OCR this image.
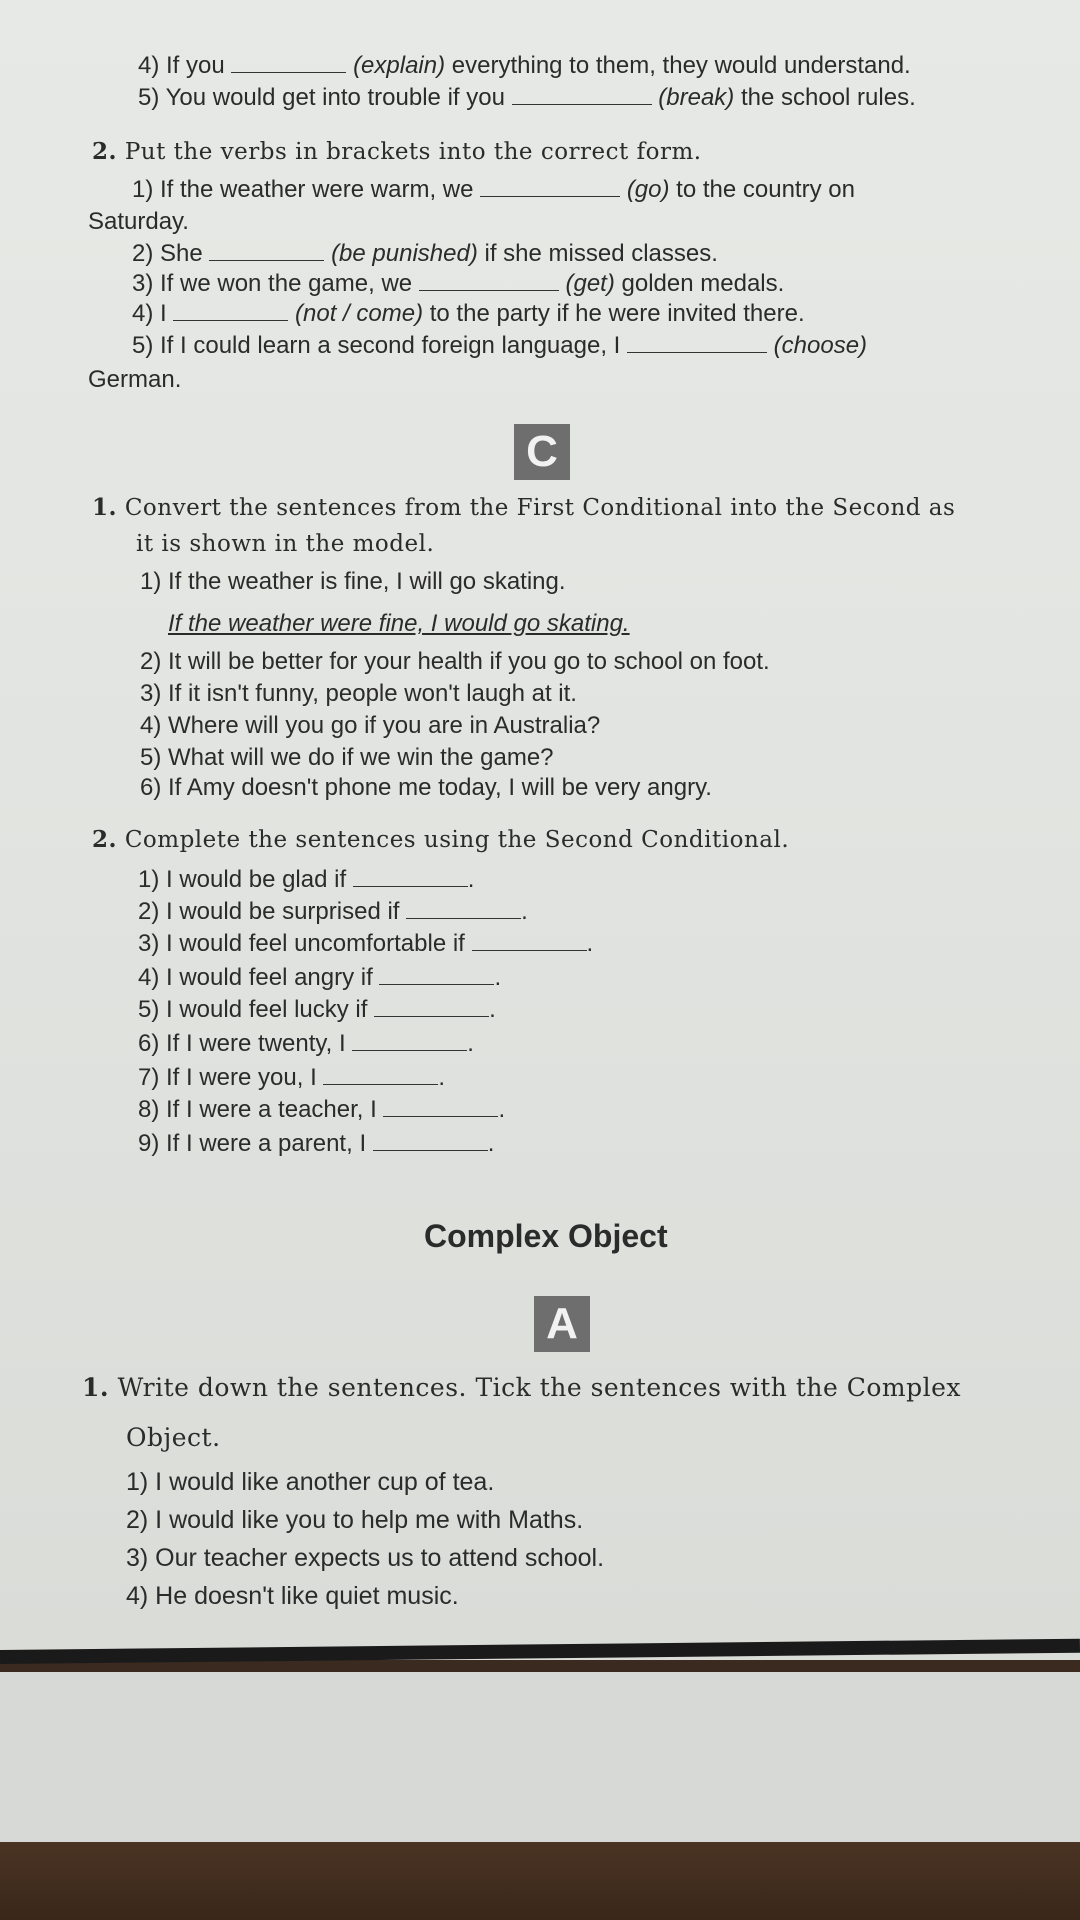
4) If you	(explain) everything to them, they would understand.
5) You would get into trouble if you	(break) the school rules.
2. Put the verbs in brackets into the correct form.
1) If the weather were warm, we	(go) to the country on
Saturday.
2) She	(be punished) if she missed classes.
3) If we won the game, we	(get) golden medals.
4) I	(not / come) to the party if he were invited there.
5) If I could learn a second foreign language, I	(choose)
German.
C
1. Convert the sentences from the First Conditional into the Second as
it is shown in the model.
1) If the weather is fine, I will go skating.
If the weather were fine, I would go skating.
2) It will be better for your health if you go to school on foot.
3) If it isn't funny, people won't laugh at it.
4) Where will you go if you are in Australia?
5) What will we do if we win the game?
6) If Amy doesn't phone me today, I will be very angry.
2. Complete the sentences using the Second Conditional.
1) I would be glad if	.
2) I would be surprised if	.
3) I would feel uncomfortable if	.
4) I would feel angry if	.
5) I would feel lucky if	.
6) If I were twenty, I	.
7) If I were you, I	.
8) If I were a teacher, I	.
9) If I were a parent, I	.
Complex Object
A
1. Write down the sentences. Tick the sentences with the Complex
Object.
1) I would like another cup of tea.
2) I would like you to help me with Maths.
3) Our teacher expects us to attend school.
4) He doesn't like quiet music.
